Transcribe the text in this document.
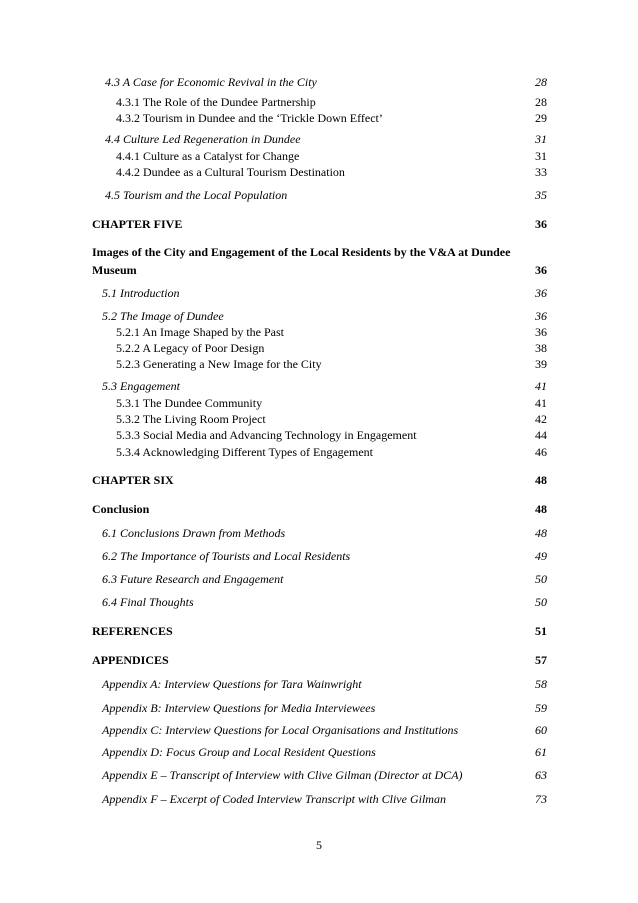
4.3 A Case for Economic Revival in the City	28
4.3.1 The Role of the Dundee Partnership	28
4.3.2 Tourism in Dundee and the ‘Trickle Down Effect’	29
4.4 Culture Led Regeneration in Dundee	31
4.4.1 Culture as a Catalyst for Change	31
4.4.2 Dundee as a Cultural Tourism Destination	33
4.5 Tourism and the Local Population	35
CHAPTER FIVE	36
Images of the City and Engagement of the Local Residents by the V&A at Dundee
Museum	36
5.1 Introduction	36
5.2 The Image of Dundee	36
5.2.1 An Image Shaped by the Past	36
5.2.2 A Legacy of Poor Design	38
5.2.3 Generating a New Image for the City	39
5.3 Engagement	41
5.3.1 The Dundee Community	41
5.3.2 The Living Room Project	42
5.3.3 Social Media and Advancing Technology in Engagement	44
5.3.4 Acknowledging Different Types of Engagement	46
CHAPTER SIX	48
Conclusion	48
6.1 Conclusions Drawn from Methods	48
6.2 The Importance of Tourists and Local Residents	49
6.3 Future Research and Engagement	50
6.4 Final Thoughts	50
REFERENCES	51
APPENDICES	57
Appendix A: Interview Questions for Tara Wainwright	58
Appendix B: Interview Questions for Media Interviewees	59
Appendix C: Interview Questions for Local Organisations and Institutions	60
Appendix D: Focus Group and Local Resident Questions	61
Appendix E – Transcript of Interview with Clive Gilman (Director at DCA)	63
Appendix F – Excerpt of Coded Interview Transcript with Clive Gilman	73
5
